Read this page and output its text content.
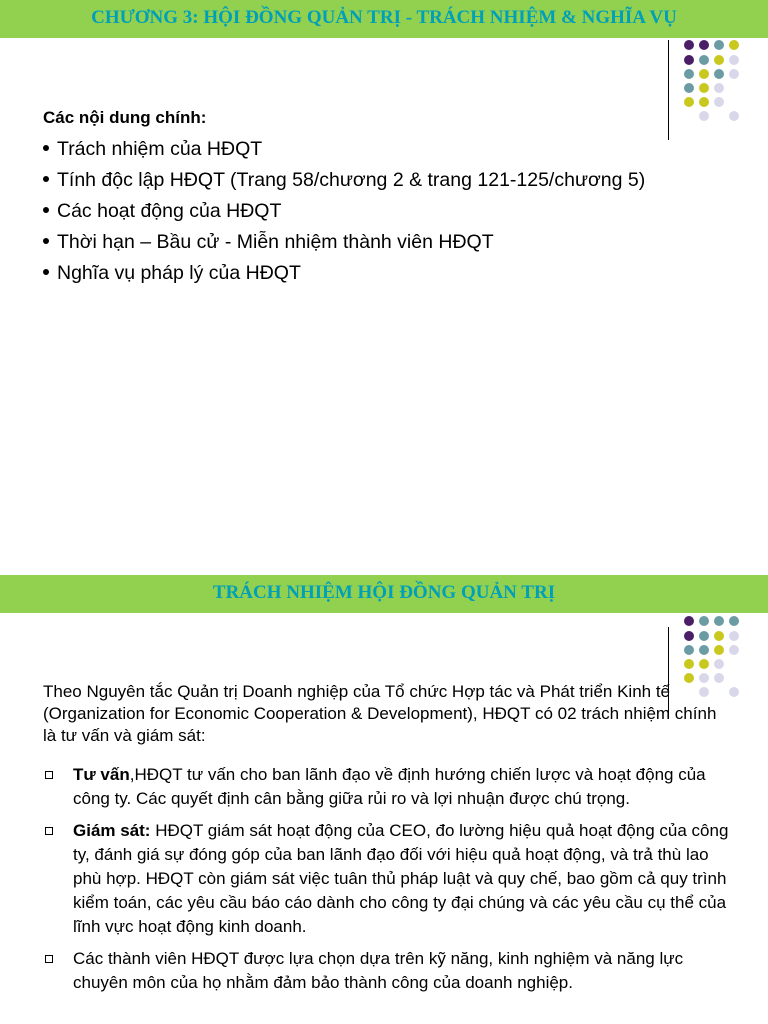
CHƯƠNG 3: HỘI ĐỒNG QUẢN TRỊ - TRÁCH NHIỆM & NGHĨA VỤ

Các nội dung chính:

Trách nhiệm của HĐQT
Tính độc lập HĐQT (Trang 58/chương 2 & trang 121-125/chương 5)
Các hoạt động của HĐQT
Thời hạn – Bầu cử - Miễn nhiệm thành viên HĐQT
Nghĩa vụ pháp lý của HĐQT
TRÁCH NHIỆM HỘI ĐỒNG QUẢN TRỊ

Theo Nguyên tắc Quản trị Doanh nghiệp của Tổ chức Hợp tác và Phát triển Kinh tế (Organization for Economic Cooperation & Development), HĐQT có 02 trách nhiệm chính là tư vấn và giám sát:

Tư vấn,HĐQT tư vấn cho ban lãnh đạo về định hướng chiến lược và hoạt động của công ty. Các quyết định cân bằng giữa rủi ro và lợi nhuận được chú trọng.
Giám sát: HĐQT giám sát hoạt động của CEO, đo lường hiệu quả hoạt động của công ty, đánh giá sự đóng góp của ban lãnh đạo đối với hiệu quả hoạt động, và trả thù lao phù hợp. HĐQT còn giám sát việc tuân thủ pháp luật và quy chế, bao gồm cả quy trình kiểm toán, các yêu cầu báo cáo dành cho công ty đại chúng và các yêu cầu cụ thể của lĩnh vực hoạt động kinh doanh.
Các thành viên HĐQT được lựa chọn dựa trên kỹ năng, kinh nghiệm và năng lực chuyên môn của họ nhằm đảm bảo thành công của doanh nghiệp.
